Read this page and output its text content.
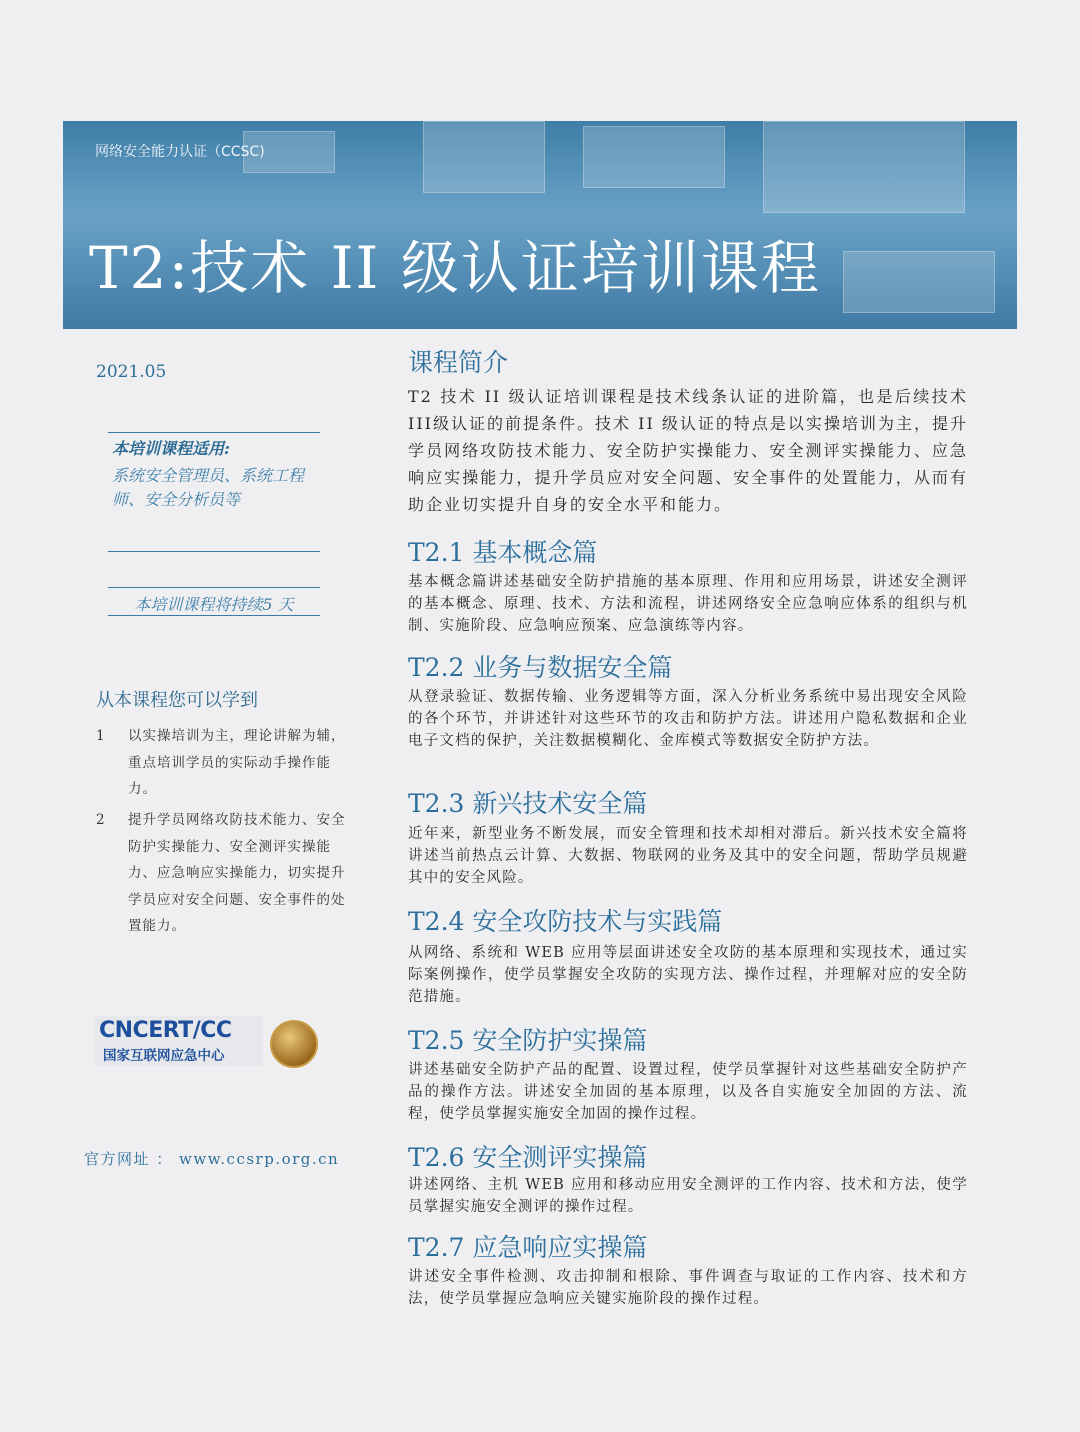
网络安全能力认证（CCSC)
T2:技术 II 级认证培训课程
2021.05
本培训课程适用:
系统安全管理员、系统工程师、安全分析员等
本培训课程将持续5 天
从本课程您可以学到
1 以实操培训为主，理论讲解为辅，重点培训学员的实际动手操作能力。
2 提升学员网络攻防技术能力、安全防护实操能力、安全测评实操能力、应急响应实操能力，切实提升学员应对安全问题、安全事件的处置能力。
CNCERT/CC
国家互联网应急中心
官方网址 ： www.ccsrp.org.cn
课程简介
T2 技术 II 级认证培训课程是技术线条认证的进阶篇，也是后续技术III级认证的前提条件。技术 II 级认证的特点是以实操培训为主，提升学员网络攻防技术能力、安全防护实操能力、安全测评实操能力、应急响应实操能力，提升学员应对安全问题、安全事件的处置能力，从而有助企业切实提升自身的安全水平和能力。
T2.1 基本概念篇
基本概念篇讲述基础安全防护措施的基本原理、作用和应用场景，讲述安全测评的基本概念、原理、技术、方法和流程，讲述网络安全应急响应体系的组织与机制、实施阶段、应急响应预案、应急演练等内容。
T2.2 业务与数据安全篇
从登录验证、数据传输、业务逻辑等方面，深入分析业务系统中易出现安全风险的各个环节，并讲述针对这些环节的攻击和防护方法。讲述用户隐私数据和企业电子文档的保护，关注数据模糊化、金库模式等数据安全防护方法。
T2.3 新兴技术安全篇
近年来，新型业务不断发展，而安全管理和技术却相对滞后。新兴技术安全篇将讲述当前热点云计算、大数据、物联网的业务及其中的安全问题，帮助学员规避其中的安全风险。
T2.4 安全攻防技术与实践篇
从网络、系统和 WEB 应用等层面讲述安全攻防的基本原理和实现技术，通过实际案例操作，使学员掌握安全攻防的实现方法、操作过程，并理解对应的安全防范措施。
T2.5 安全防护实操篇
讲述基础安全防护产品的配置、设置过程，使学员掌握针对这些基础安全防护产品的操作方法。讲述安全加固的基本原理，以及各自实施安全加固的方法、流程，使学员掌握实施安全加固的操作过程。
T2.6 安全测评实操篇
讲述网络、主机 WEB 应用和移动应用安全测评的工作内容、技术和方法，使学员掌握实施安全测评的操作过程。
T2.7 应急响应实操篇
讲述安全事件检测、攻击抑制和根除、事件调查与取证的工作内容、技术和方法，使学员掌握应急响应关键实施阶段的操作过程。
